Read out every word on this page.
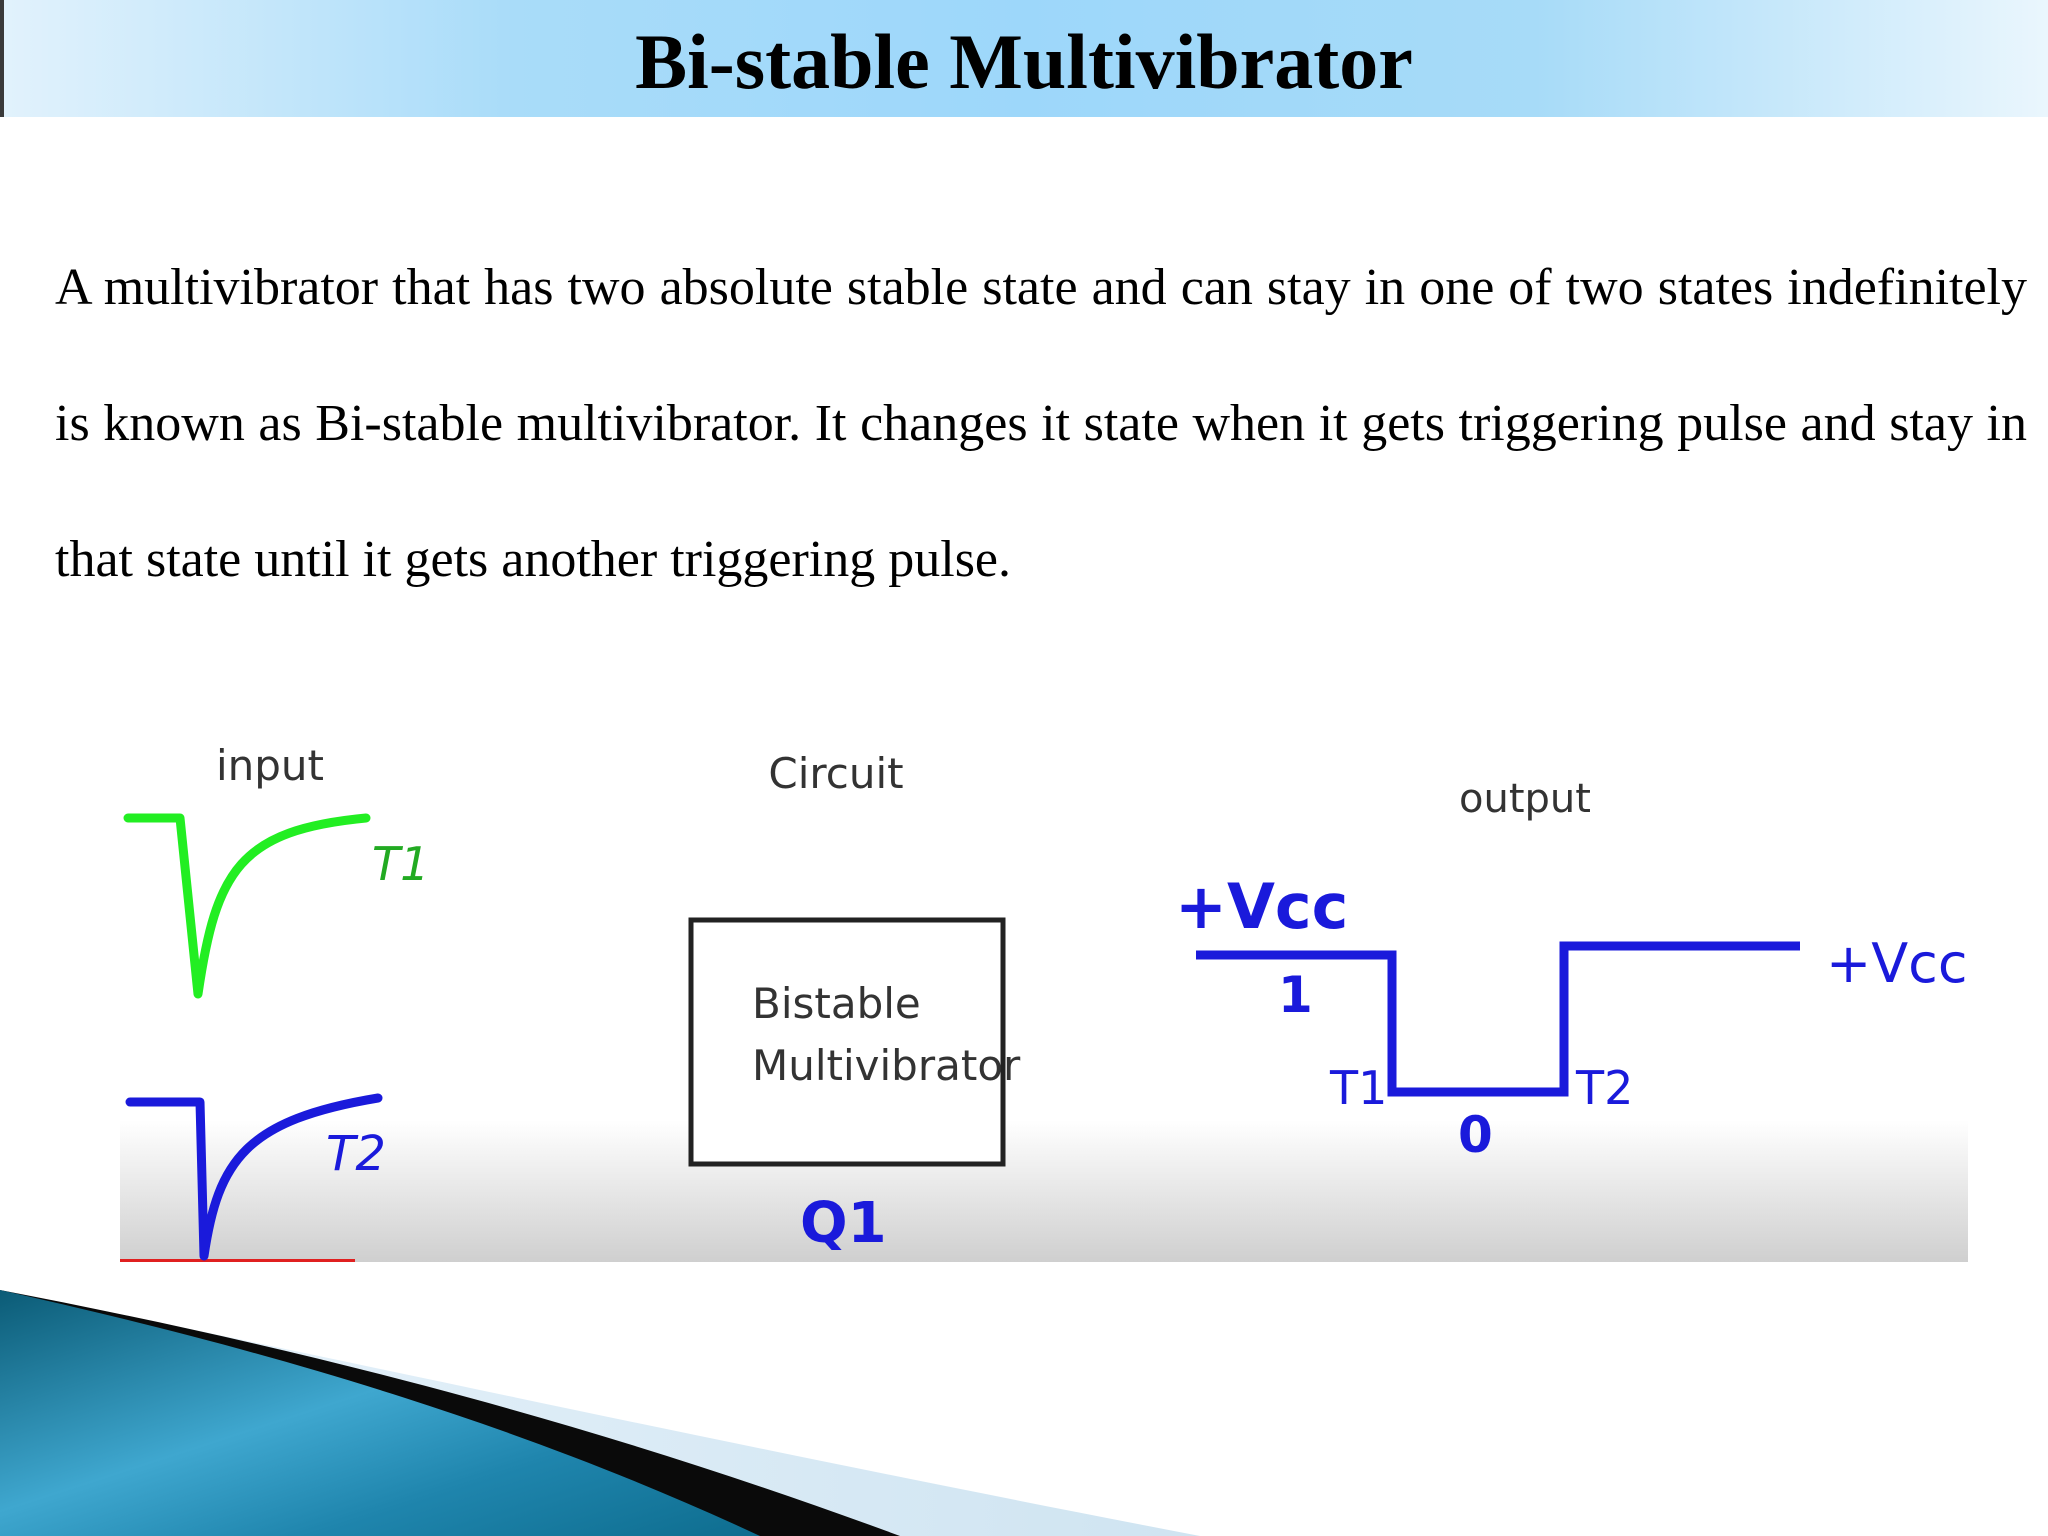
Bi-stable Multivibrator

A multivibrator that has two absolute stable state and can stay in one of two states indefinitely is known as Bi-stable multivibrator. It changes it state when it gets triggering pulse and stay in that state until it gets another triggering pulse.

input	Circuit
output
T1
T2
Bistable
Multivibrator
Q1
+Vcc
+Vcc
1
0
T1	T2
